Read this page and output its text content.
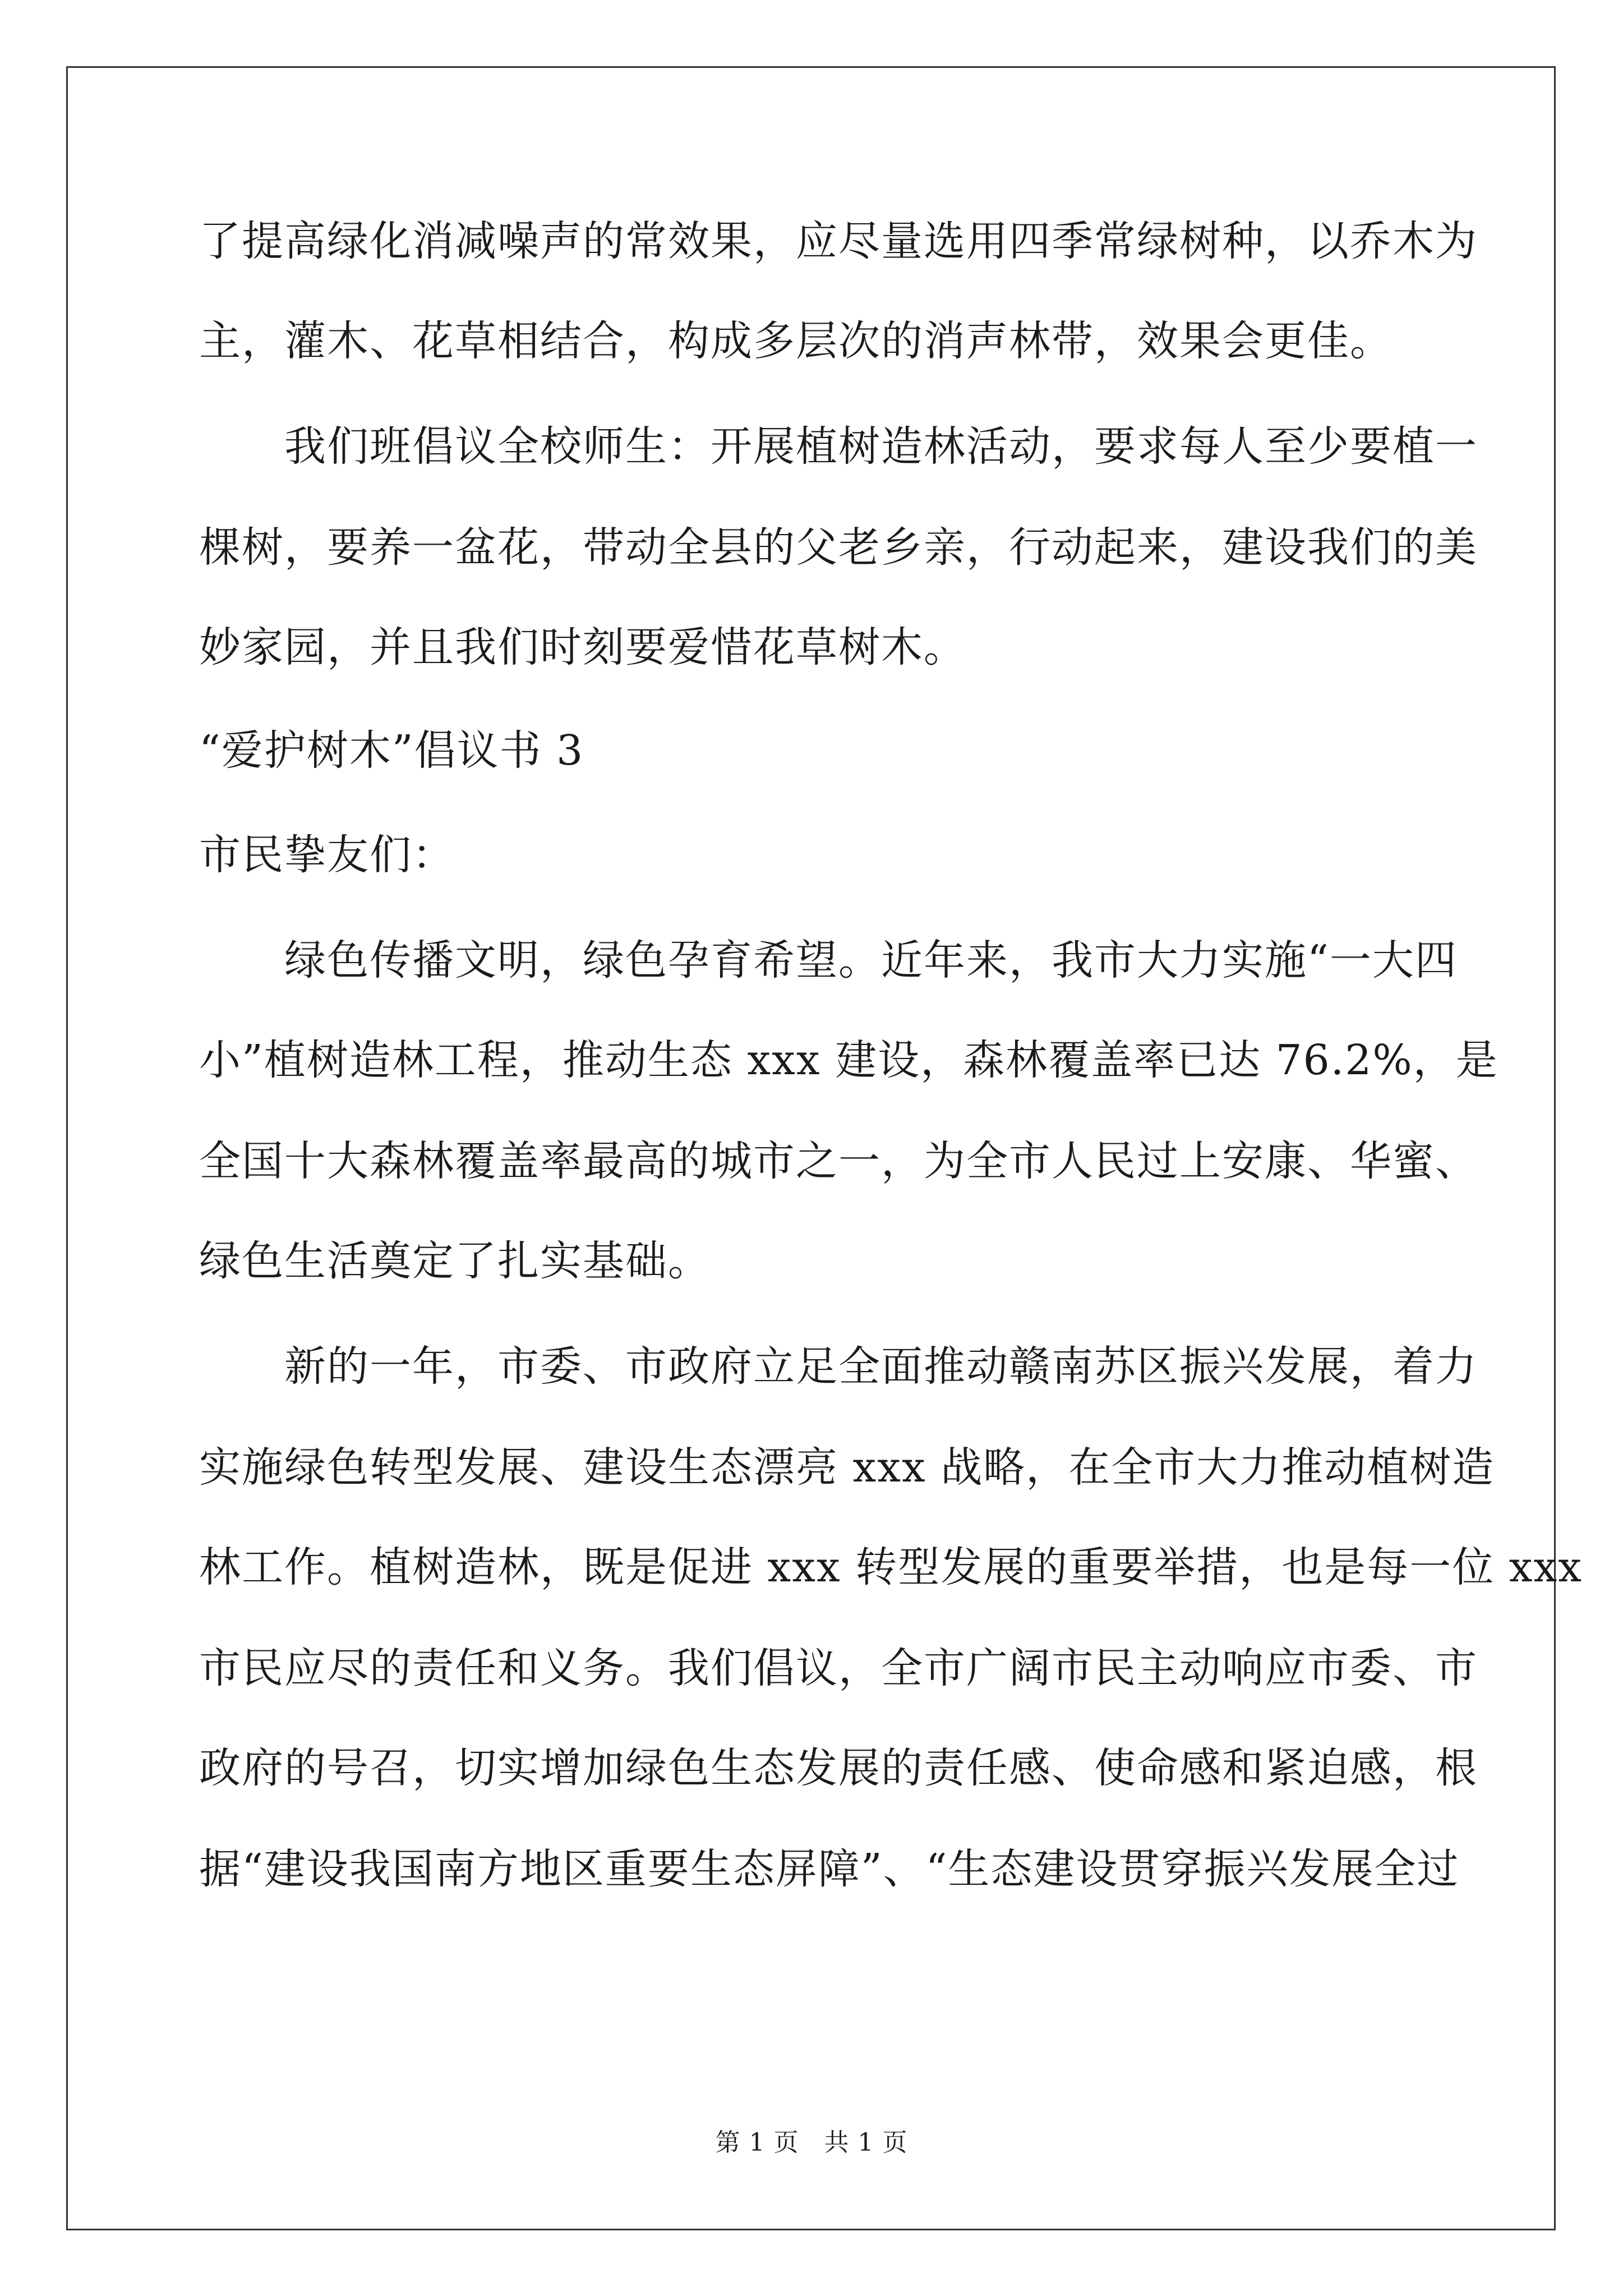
了提高绿化消减噪声的常效果，应尽量选用四季常绿树种，以乔木为
主，灌木、花草相结合，构成多层次的消声林带，效果会更佳。
　　我们班倡议全校师生：开展植树造林活动，要求每人至少要植一
棵树，要养一盆花，带动全县的父老乡亲，行动起来，建设我们的美
妙家园，并且我们时刻要爱惜花草树木。
“爱护树木”倡议书 3
市民挚友们：
　　绿色传播文明，绿色孕育希望。近年来，我市大力实施“一大四
小”植树造林工程，推动生态 xxx 建设，森林覆盖率已达 76.2%，是
全国十大森林覆盖率最高的城市之一，为全市人民过上安康、华蜜、
绿色生活奠定了扎实基础。
　　新的一年，市委、市政府立足全面推动赣南苏区振兴发展，着力
实施绿色转型发展、建设生态漂亮 xxx 战略，在全市大力推动植树造
林工作。植树造林，既是促进 xxx 转型发展的重要举措，也是每一位 xxx
市民应尽的责任和义务。我们倡议，全市广阔市民主动响应市委、市
政府的号召，切实增加绿色生态发展的责任感、使命感和紧迫感，根
据“建设我国南方地区重要生态屏障”、“生态建设贯穿振兴发展全过
第 1 页　共 1 页
